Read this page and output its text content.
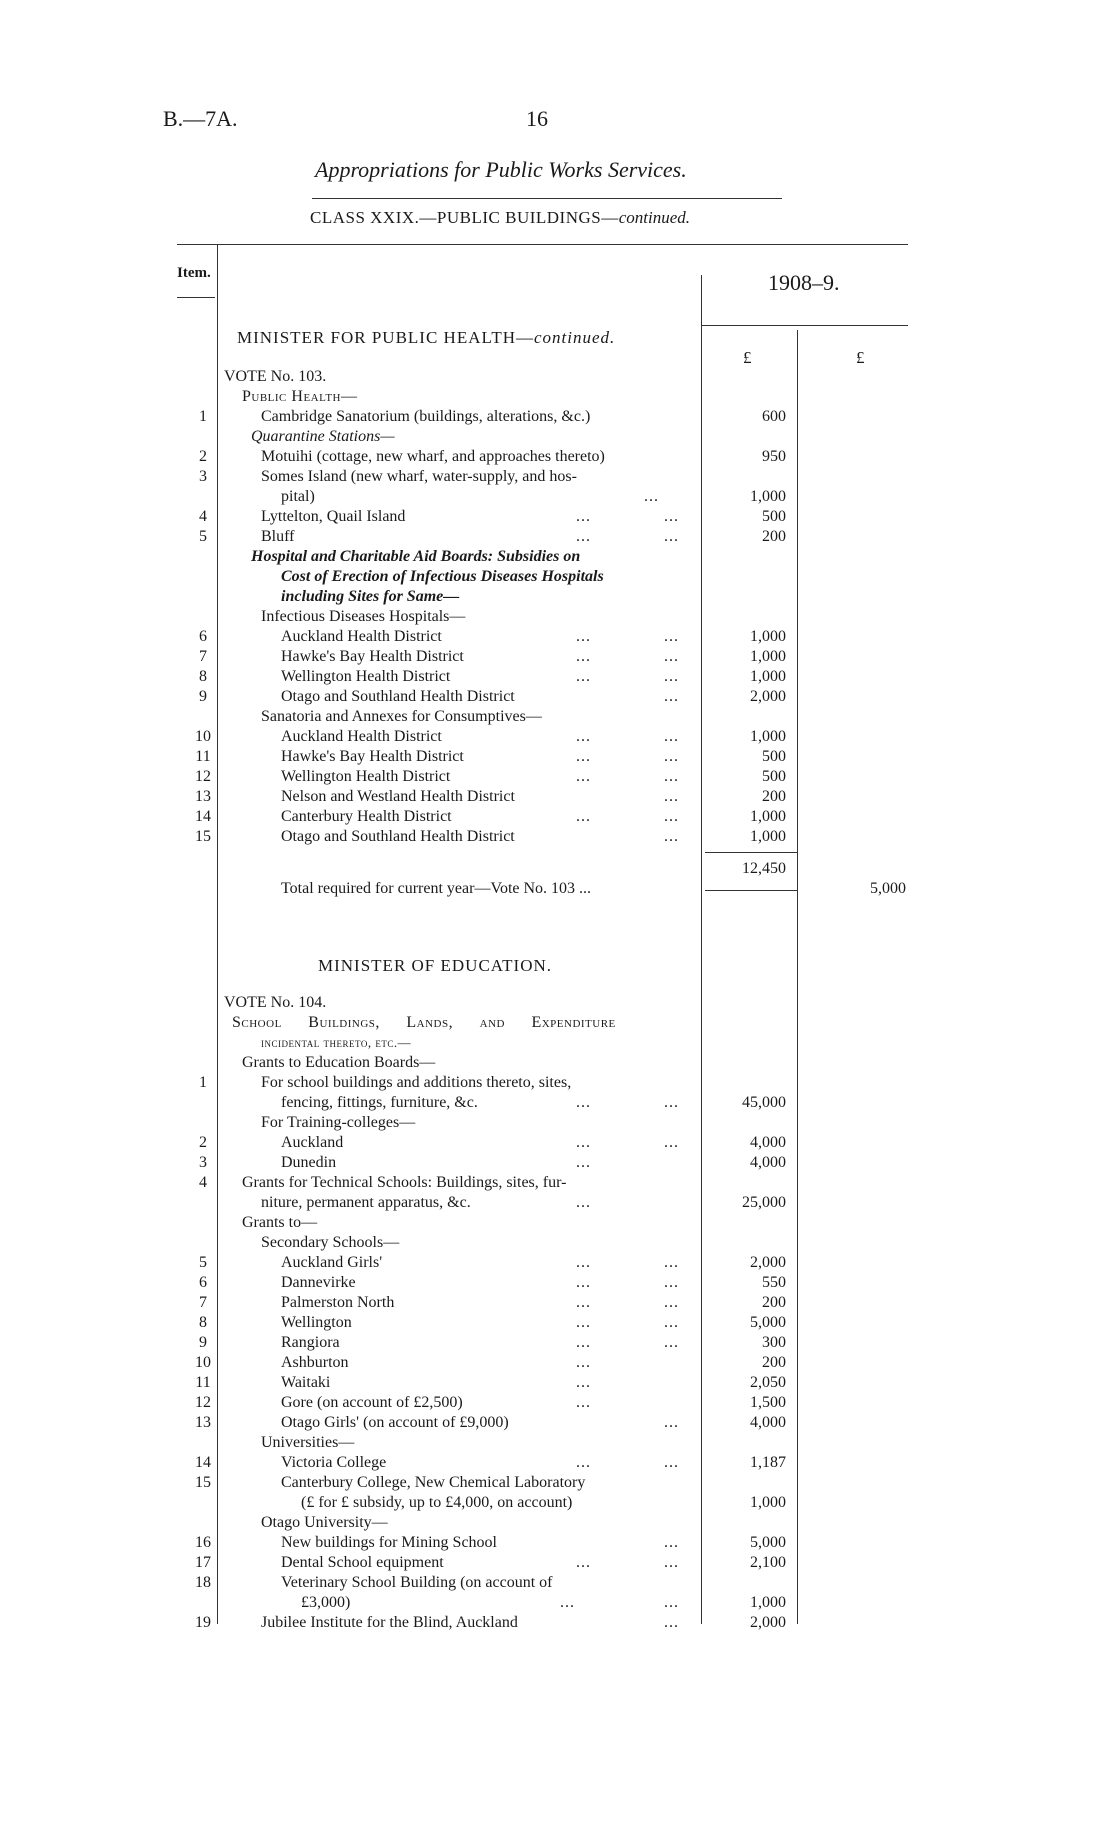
B.—7A.	16
Appropriations for Public Works Services.
CLASS XXIX.—PUBLIC BUILDINGS—continued.
Item.	1908–9.
£	£
MINISTER FOR PUBLIC HEALTH—continued.
VOTE No. 103.
Public Health—
1	Cambridge Sanatorium (buildings, alterations, &c.)	600
Quarantine Stations—
2	Motuihi (cottage, new wharf, and approaches thereto)	950
3	Somes Island (new wharf, water-supply, and hos-
pital)	...	1,000
4	Lyttelton, Quail Island	...	...	500
5	Bluff	...	...	200
Hospital and Charitable Aid Boards: Subsidies on
Cost of Erection of Infectious Diseases Hospitals
including Sites for Same—
Infectious Diseases Hospitals—
6	Auckland Health District	...	...	1,000
7	Hawke's Bay Health District	...	...	1,000
8	Wellington Health District	...	...	1,000
9	Otago and Southland Health District	...	2,000
Sanatoria and Annexes for Consumptives—
10	Auckland Health District	...	...	1,000
11	Hawke's Bay Health District	...	...	500
12	Wellington Health District	...	...	500
13	Nelson and Westland Health District	...	200
14	Canterbury Health District	...	...	1,000
15	Otago and Southland Health District	...	1,000
12,450
Total required for current year—Vote No. 103 ...	5,000
MINISTER OF EDUCATION.
VOTE No. 104.
School Buildings, Lands, and Expenditure
incidental thereto, etc.—
Grants to Education Boards—
1	For school buildings and additions thereto, sites,
fencing, fittings, furniture, &c.	...	...	45,000
For Training-colleges—
2	Auckland	...	...	4,000
3	Dunedin	...	4,000
4	Grants for Technical Schools: Buildings, sites, fur-
niture, permanent apparatus, &c.	...	25,000
Grants to—
Secondary Schools—
5	Auckland Girls'	...	...	2,000
6	Dannevirke	...	...	550
7	Palmerston North	...	...	200
8	Wellington	...	...	5,000
9	Rangiora	...	...	300
10	Ashburton	...	200
11	Waitaki	...	2,050
12	Gore (on account of £2,500)	...	1,500
13	Otago Girls' (on account of £9,000)	...	4,000
Universities—
14	Victoria College	...	...	1,187
15	Canterbury College, New Chemical Laboratory
(£ for £ subsidy, up to £4,000, on account)	1,000
Otago University—
16	New buildings for Mining School	...	5,000
17	Dental School equipment	...	...	2,100
18	Veterinary School Building (on account of
£3,000)	...	...	1,000
19	Jubilee Institute for the Blind, Auckland	...	2,000
